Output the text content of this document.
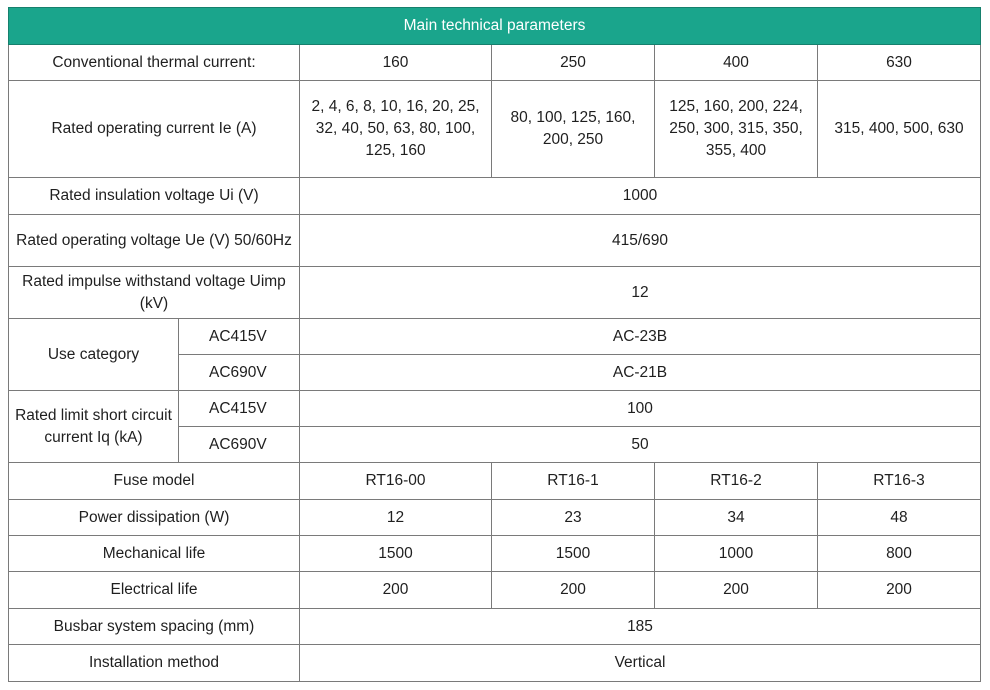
Main technical parameters					
Conventional thermal current:		160	250	400	630
Rated operating current Ie (A)		2, 4, 6, 8, 10, 16, 20, 25, 32, 40, 50, 63, 80, 100, 125, 160	80, 100, 125, 160, 200, 250	125, 160, 200, 224, 250, 300, 315, 350, 355, 400	315, 400, 500, 630
Rated insulation voltage Ui (V)		1000			
Rated operating voltage Ue (V) 50/60Hz		415/690			
Rated impulse withstand voltage Uimp (kV)		12			
Use category	AC415V	AC-23B			
	AC690V	AC-21B			
Rated limit short circuit current Iq (kA)	AC415V	100			
	AC690V	50			
Fuse model		RT16-00	RT16-1	RT16-2	RT16-3
Power dissipation (W)		12	23	34	48
Mechanical life		1500	1500	1000	800
Electrical life		200	200	200	200
Busbar system spacing (mm)		185			
Installation method		Vertical			
